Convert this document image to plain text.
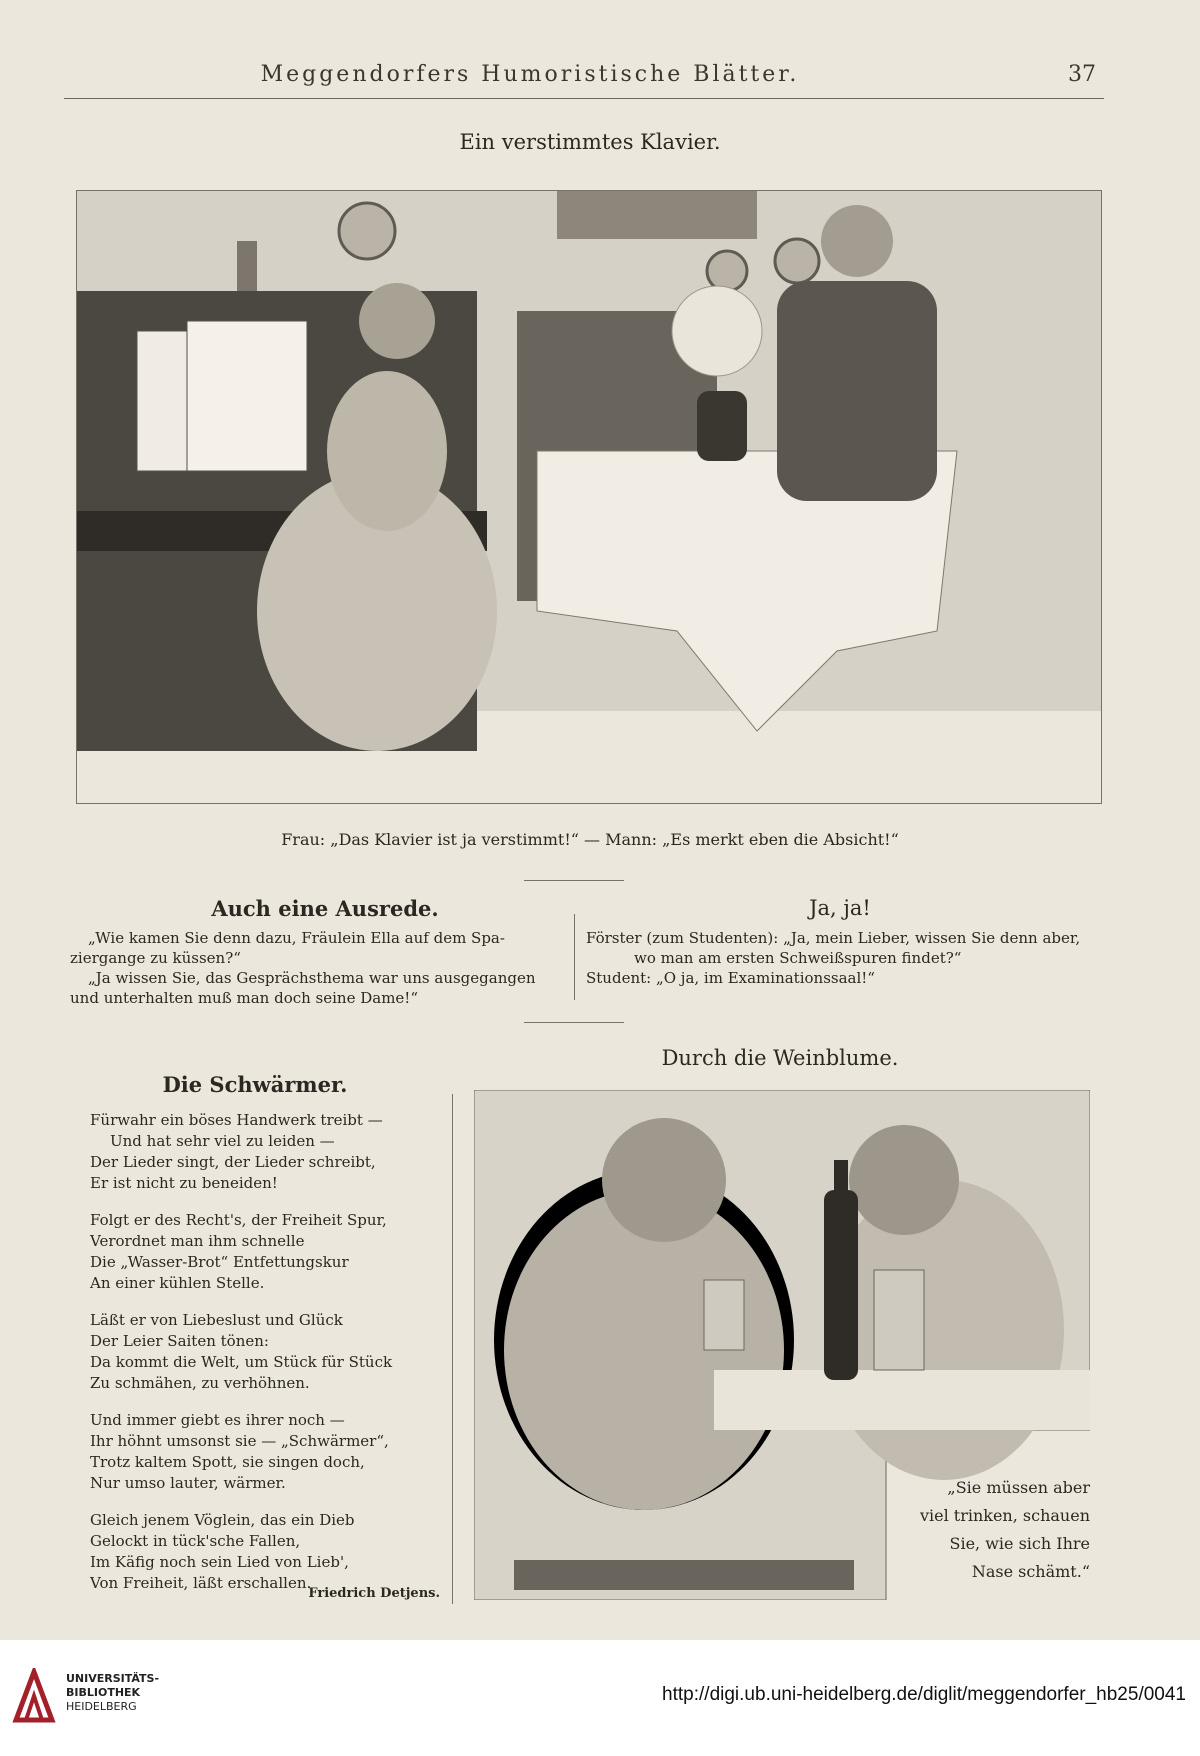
Meggendorfers Humoristische Blätter.	37
Ein verstimmtes Klavier.
Frau: „Das Klavier ist ja verstimmt!“ — Mann: „Es merkt eben die Absicht!“
Auch eine Ausrede.

„Wie kamen Sie denn dazu, Fräulein Ella auf dem Spa-

ziergange zu küssen?“

„Ja wissen Sie, das Gesprächsthema war uns ausgegangen

und unterhalten muß man doch seine Dame!“

Ja, ja!

Förster (zum Studenten): „Ja, mein Lieber, wissen Sie denn aber,

wo man am ersten Schweißspuren findet?“

Student: „O ja, im Examinationssaal!“

Die Schwärmer.
Fürwahr ein böses Handwerk treibt —
Und hat sehr viel zu leiden —
Der Lieder singt, der Lieder schreibt,
Er ist nicht zu beneiden!
Folgt er des Recht's, der Freiheit Spur,
Verordnet man ihm schnelle
Die „Wasser-Brot“ Entfettungskur
An einer kühlen Stelle.
Läßt er von Liebeslust und Glück
Der Leier Saiten tönen:
Da kommt die Welt, um Stück für Stück
Zu schmähen, zu verhöhnen.
Und immer giebt es ihrer noch —
Ihr höhnt umsonst sie — „Schwärmer“,
Trotz kaltem Spott, sie singen doch,
Nur umso lauter, wärmer.
Gleich jenem Vöglein, das ein Dieb
Gelockt in tück'sche Fallen,
Im Käfig noch sein Lied von Lieb',
Von Freiheit, läßt erschallen.
Friedrich Detjens.
Durch die Weinblume.
„Sie müssen aber
viel trinken, schauen
Sie, wie sich Ihre
Nase schämt.“
UNIVERSITÄTS-
BIBLIOTHEK
HEIDELBERG
http://digi.ub.uni-heidelberg.de/diglit/meggendorfer_hb25/0041
